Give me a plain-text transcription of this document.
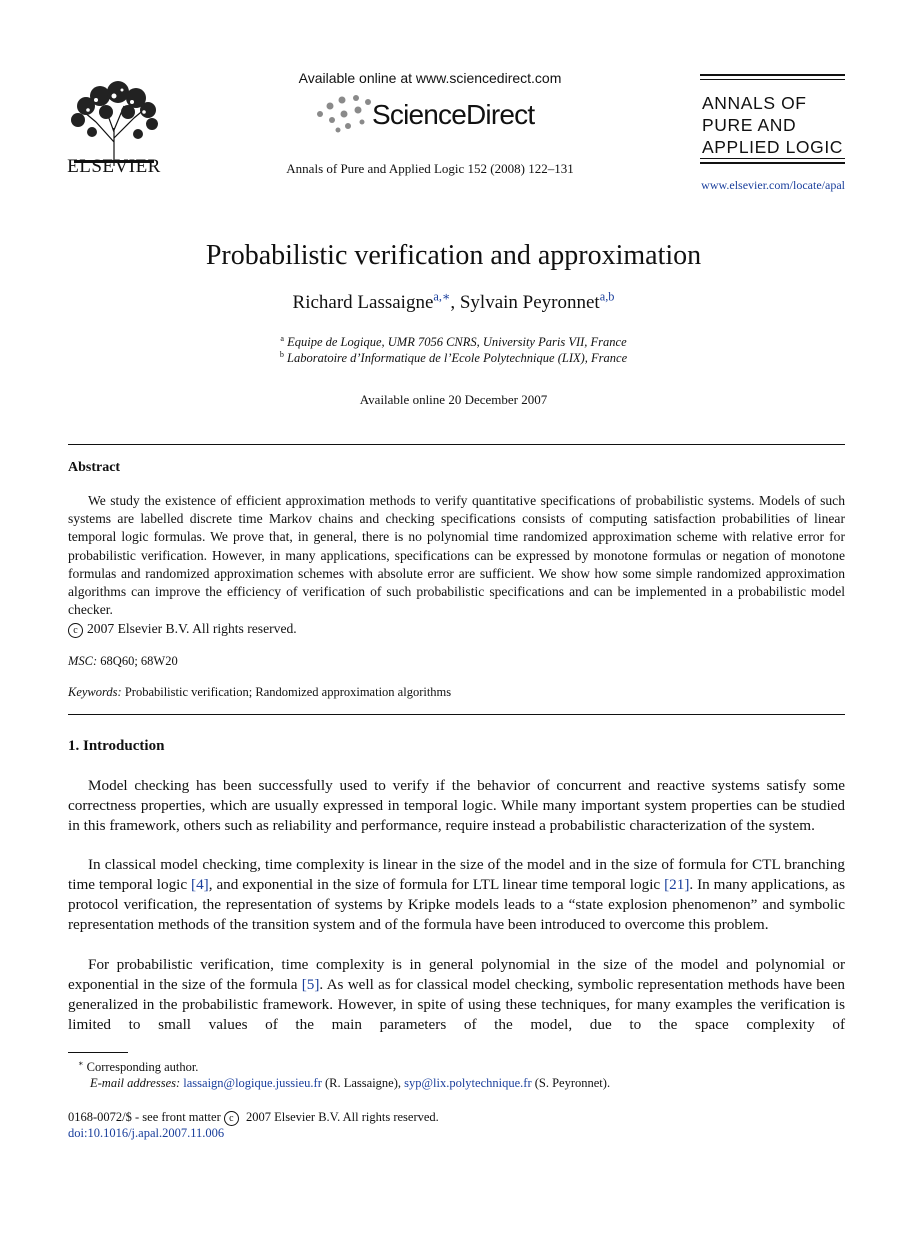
ELSEVIER
Available online at www.sciencedirect.com
ScienceDirect
Annals of Pure and Applied Logic 152 (2008) 122–131
ANNALS OF
PURE AND
APPLIED LOGIC
www.elsevier.com/locate/apal
Probabilistic verification and approximation
Richard Lassaigne$^{a,∗}$, Sylvain Peyronnet$^{a,b}$
$^a$ Equipe de Logique, UMR 7056 CNRS, University Paris VII, France
$^b$ Laboratoire d’Informatique de l’Ecole Polytechnique (LIX), France
Available online 20 December 2007
Abstract

We study the existence of efficient approximation methods to verify quantitative specifications of probabilistic systems. Models of such systems are labelled discrete time Markov chains and checking specifications consists of computing satisfaction probabilities of linear temporal logic formulas. We prove that, in general, there is no polynomial time randomized approximation scheme with relative error for probabilistic verification. However, in many applications, specifications can be expressed by monotone formulas or negation of monotone formulas and randomized approximation schemes with absolute error are sufficient. We show how some simple randomized approximation algorithms can improve the efficiency of verification of such probabilistic specifications and can be implemented in a probabilistic model checker.

c 2007 Elsevier B.V. All rights reserved.
MSC: 68Q60; 68W20
Keywords: Probabilistic verification; Randomized approximation algorithms
1. Introduction

Model checking has been successfully used to verify if the behavior of concurrent and reactive systems satisfy some correctness properties, which are usually expressed in temporal logic. While many important system properties can be studied in this framework, others such as reliability and performance, require instead a probabilistic characterization of the system.

In classical model checking, time complexity is linear in the size of the model and in the size of formula for CTL branching time temporal logic [4], and exponential in the size of formula for LTL linear time temporal logic [21]. In many applications, as protocol verification, the representation of systems by Kripke models leads to a “state explosion phenomenon” and symbolic representation methods of the transition system and of the formula have been introduced to overcome this problem.

For probabilistic verification, time complexity is in general polynomial in the size of the model and polynomial or exponential in the size of the formula [5]. As well as for classical model checking, symbolic representation methods have been generalized in the probabilistic framework. However, in spite of using these techniques, for many examples the verification is limited to small values of the main parameters of the model, due to the space complexity of

∗ Corresponding author.
E-mail addresses: lassaign@logique.jussieu.fr (R. Lassaigne), syp@lix.polytechnique.fr (S. Peyronnet).
0168-0072/$ - see front matter c 2007 Elsevier B.V. All rights reserved.
doi:10.1016/j.apal.2007.11.006
